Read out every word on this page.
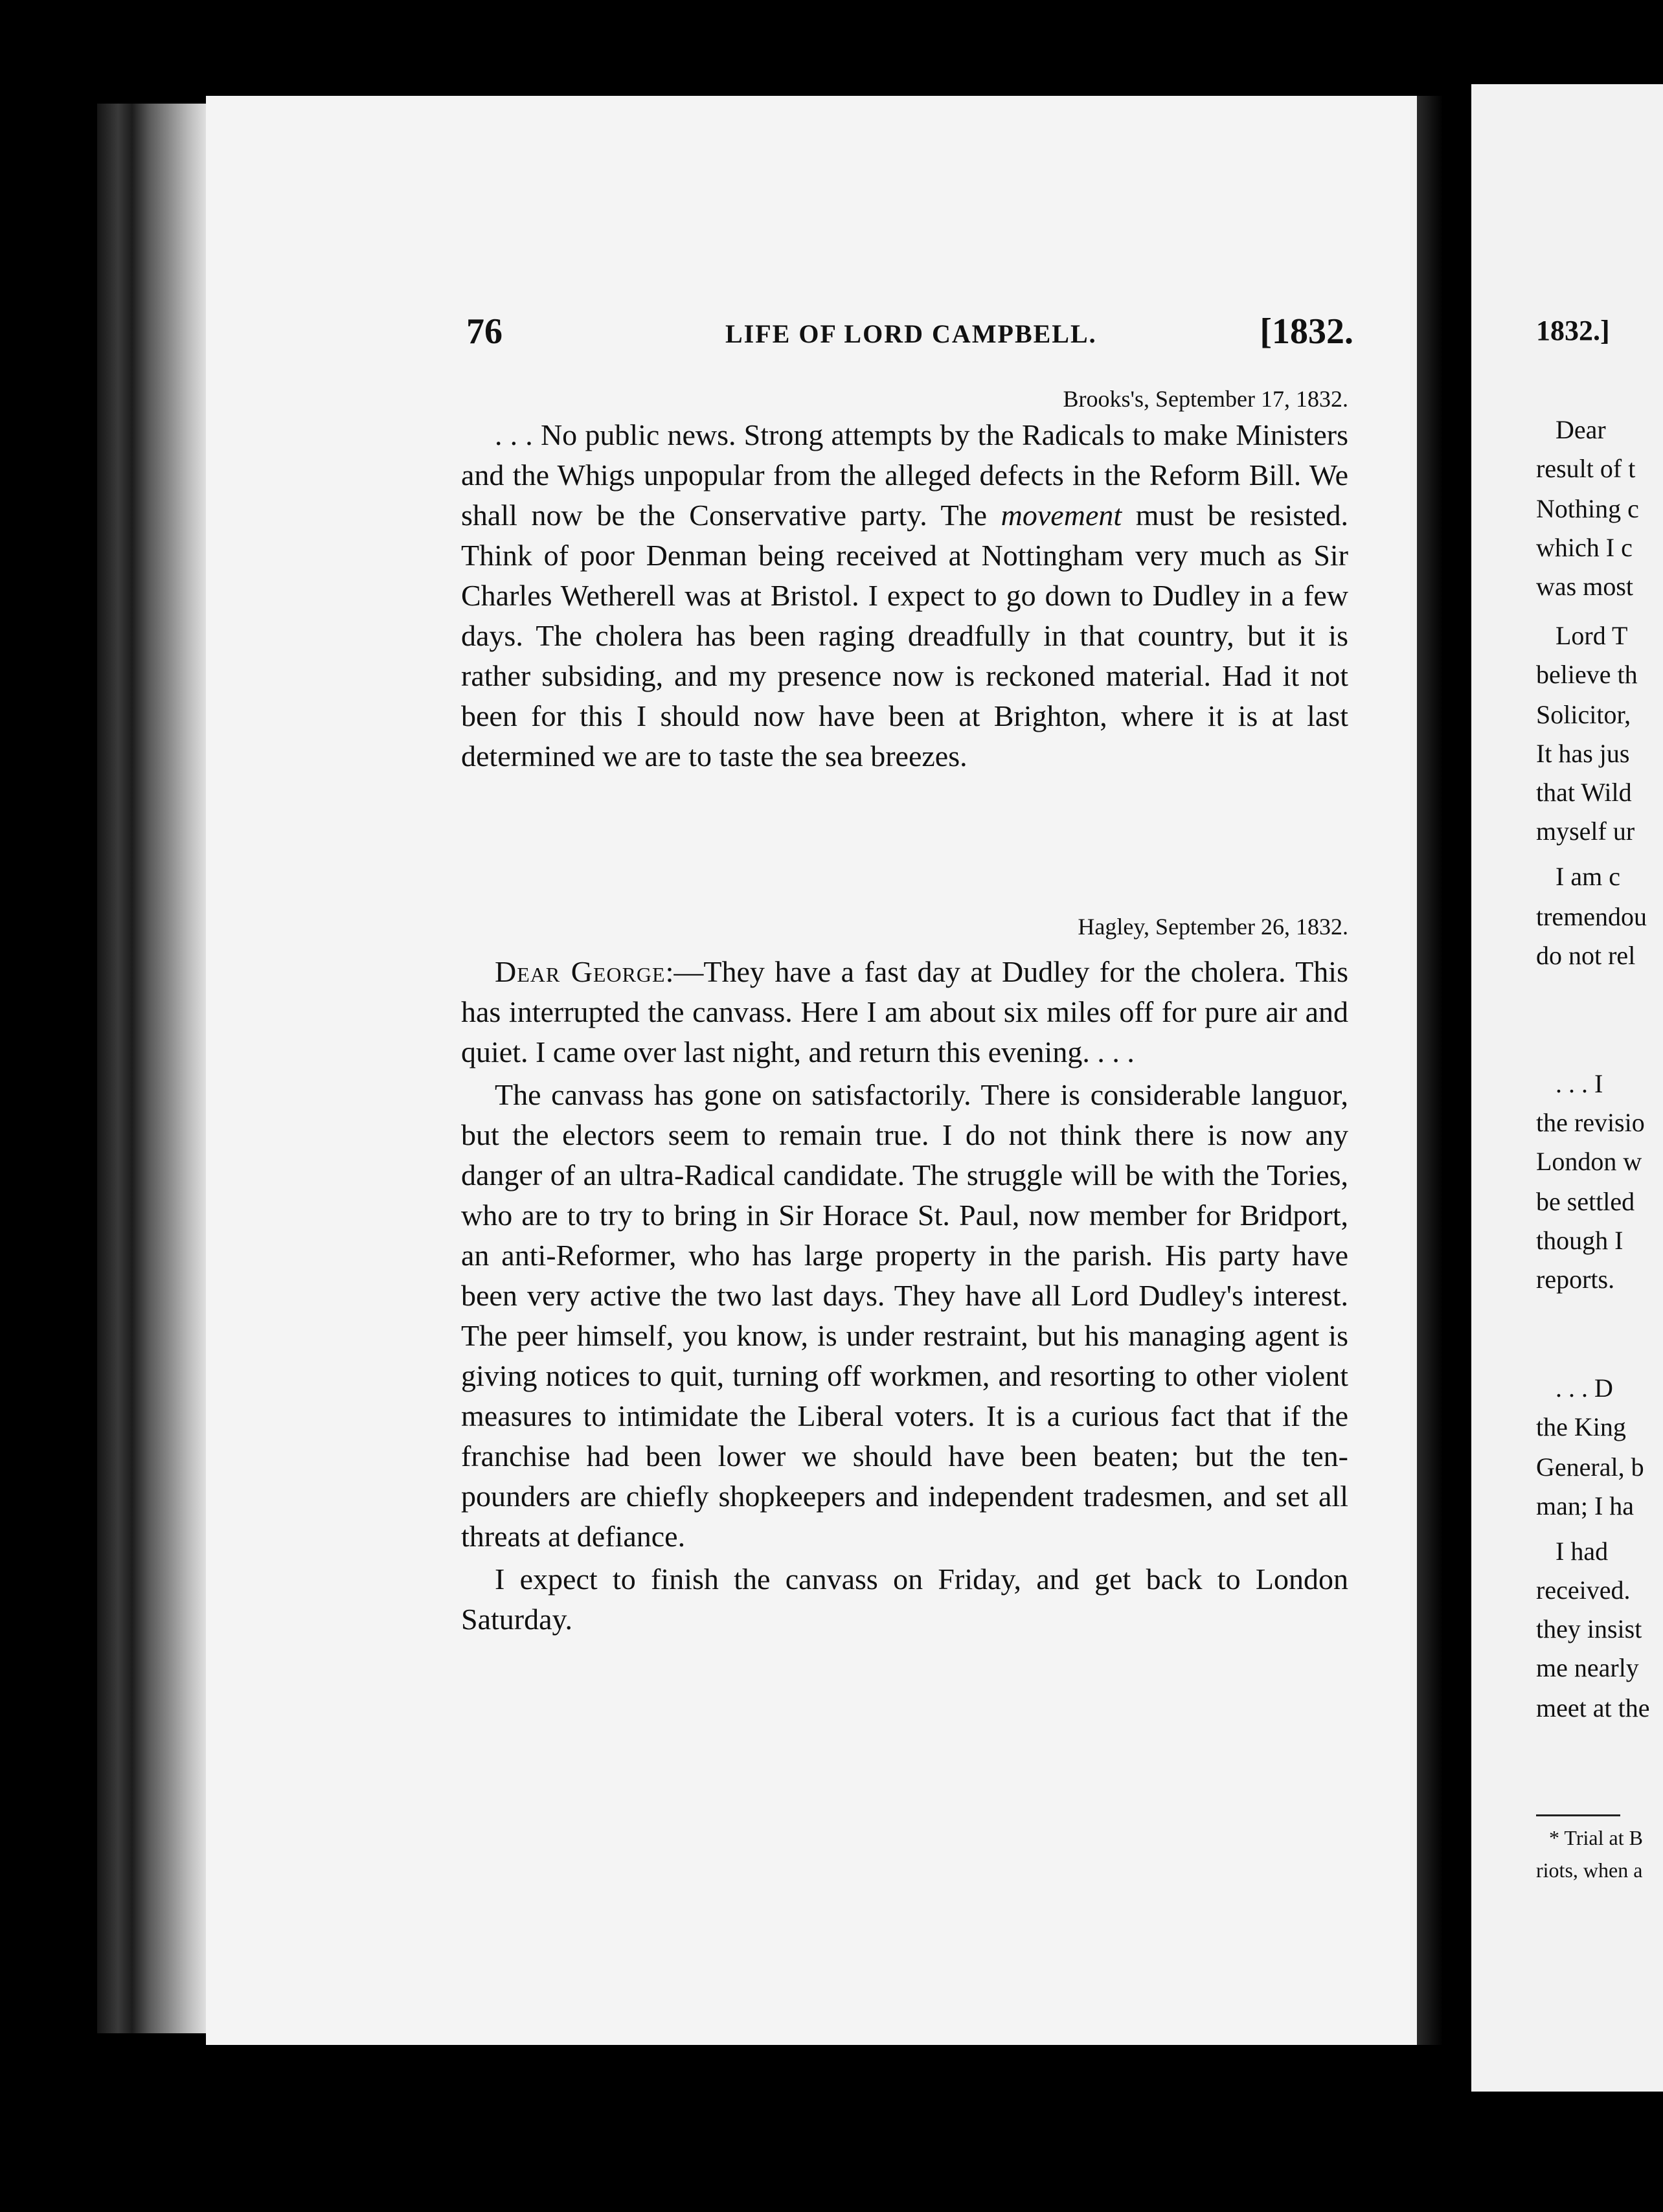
76	LIFE OF LORD CAMPBELL.	[1832.
Brooks's, September 17, 1832.

. . . No public news. Strong attempts by the Radicals to make Ministers and the Whigs unpopular from the alleged defects in the Reform Bill. We shall now be the Conservative party. The movement must be resisted. Think of poor Denman being received at Nottingham very much as Sir Charles Wetherell was at Bristol. I expect to go down to Dudley in a few days. The cholera has been raging dreadfully in that country, but it is rather subsiding, and my presence now is reckoned material. Had it not been for this I should now have been at Brighton, where it is at last determined we are to taste the sea breezes.

Hagley, September 26, 1832.

Dear George:—They have a fast day at Dudley for the cholera. This has interrupted the canvass. Here I am about six miles off for pure air and quiet. I came over last night, and return this evening. . . .

The canvass has gone on satisfactorily. There is considerable languor, but the electors seem to remain true. I do not think there is now any danger of an ultra-Radical candidate. The struggle will be with the Tories, who are to try to bring in Sir Horace St. Paul, now member for Bridport, an anti-Reformer, who has large property in the parish. His party have been very active the two last days. They have all Lord Dudley's interest. The peer himself, you know, is under restraint, but his managing agent is giving notices to quit, turning off workmen, and resorting to other violent measures to intimidate the Liberal voters. It is a curious fact that if the franchise had been lower we should have been beaten; but the ten-pounders are chiefly shopkeepers and independent tradesmen, and set all threats at defiance.

I expect to finish the canvass on Friday, and get back to London Saturday.

1832.]
Dear
result of t
Nothing c
which I c
was most
Lord T
believe th
Solicitor,
It has jus
that Wild
myself ur
I am c
tremendou
do not rel
. . . I
the revisio
London w
be settled
though I
reports.
. . . D
the King
General, b
man; I ha
I had
received.
they insist
me nearly
meet at the
* Trial at B
riots, when a
